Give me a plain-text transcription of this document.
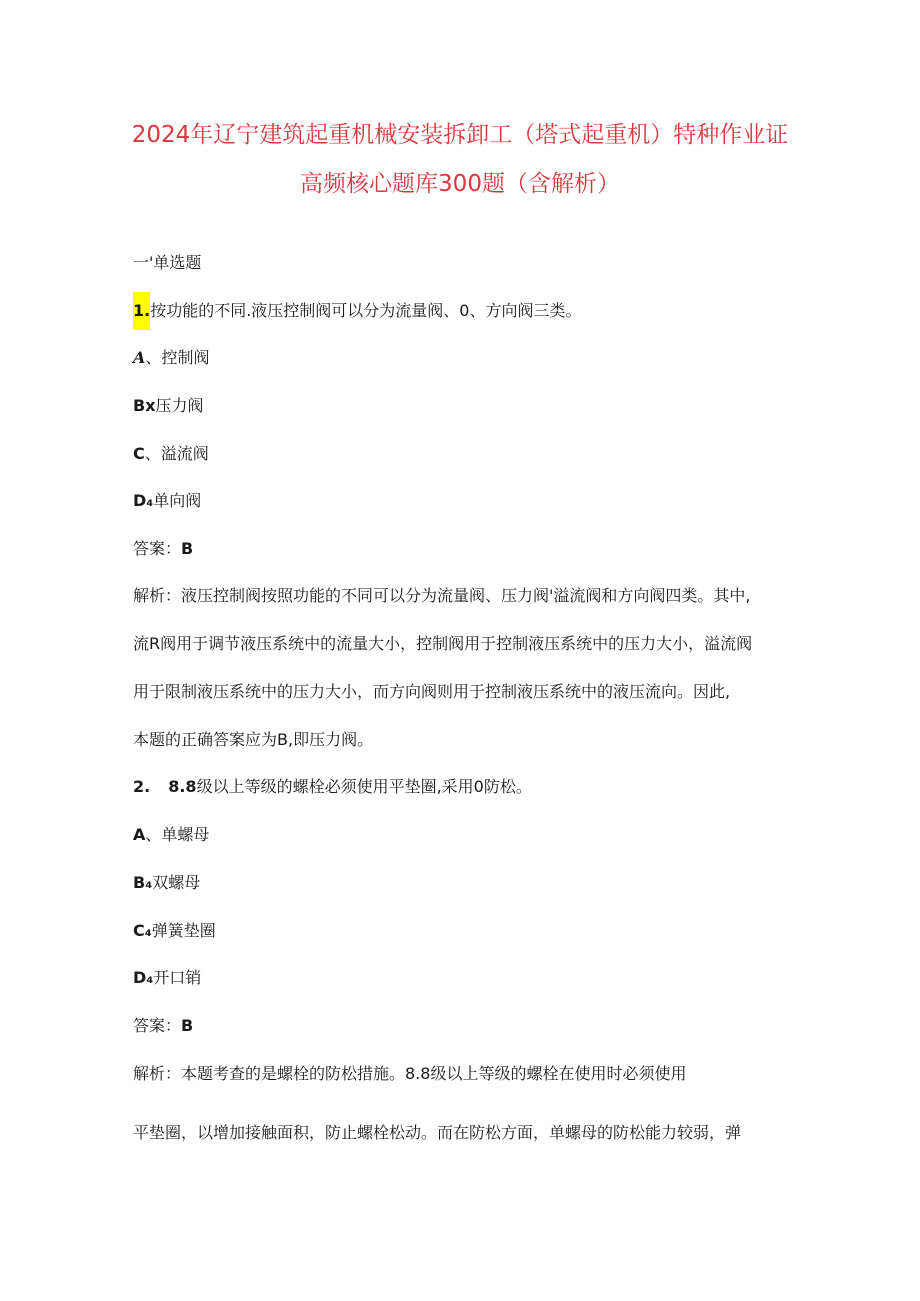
2024年辽宁建筑起重机械安装拆卸工（塔式起重机）特种作业证
高频核心题库300题（含解析）
一'单选题
1.按功能的不同.液压控制阀可以分为流量阀、0、方向阀三类。
A、控制阀
Bx压力阀
C、溢流阀
D₄单向阀
答案：B
解析：液压控制阀按照功能的不同可以分为流量阀、压力阀'溢流阀和方向阀四类。其中,
流R阀用于调节液压系统中的流量大小，控制阀用于控制液压系统中的压力大小，溢流阀
用于限制液压系统中的压力大小，而方向阀则用于控制液压系统中的液压流向。因此,
本题的正确答案应为B,即压力阀。
2. 8.8级以上等级的螺栓必须使用平垫圈,采用0防松。
A、单螺母
B₄双螺母
C₄弹簧垫圈
D₄开口销
答案：B
解析：本题考查的是螺栓的防松措施。8.8级以上等级的螺栓在使用时必须使用
平垫圈，以增加接触面积，防止螺栓松动。而在防松方面，单螺母的防松能力较弱，弹
